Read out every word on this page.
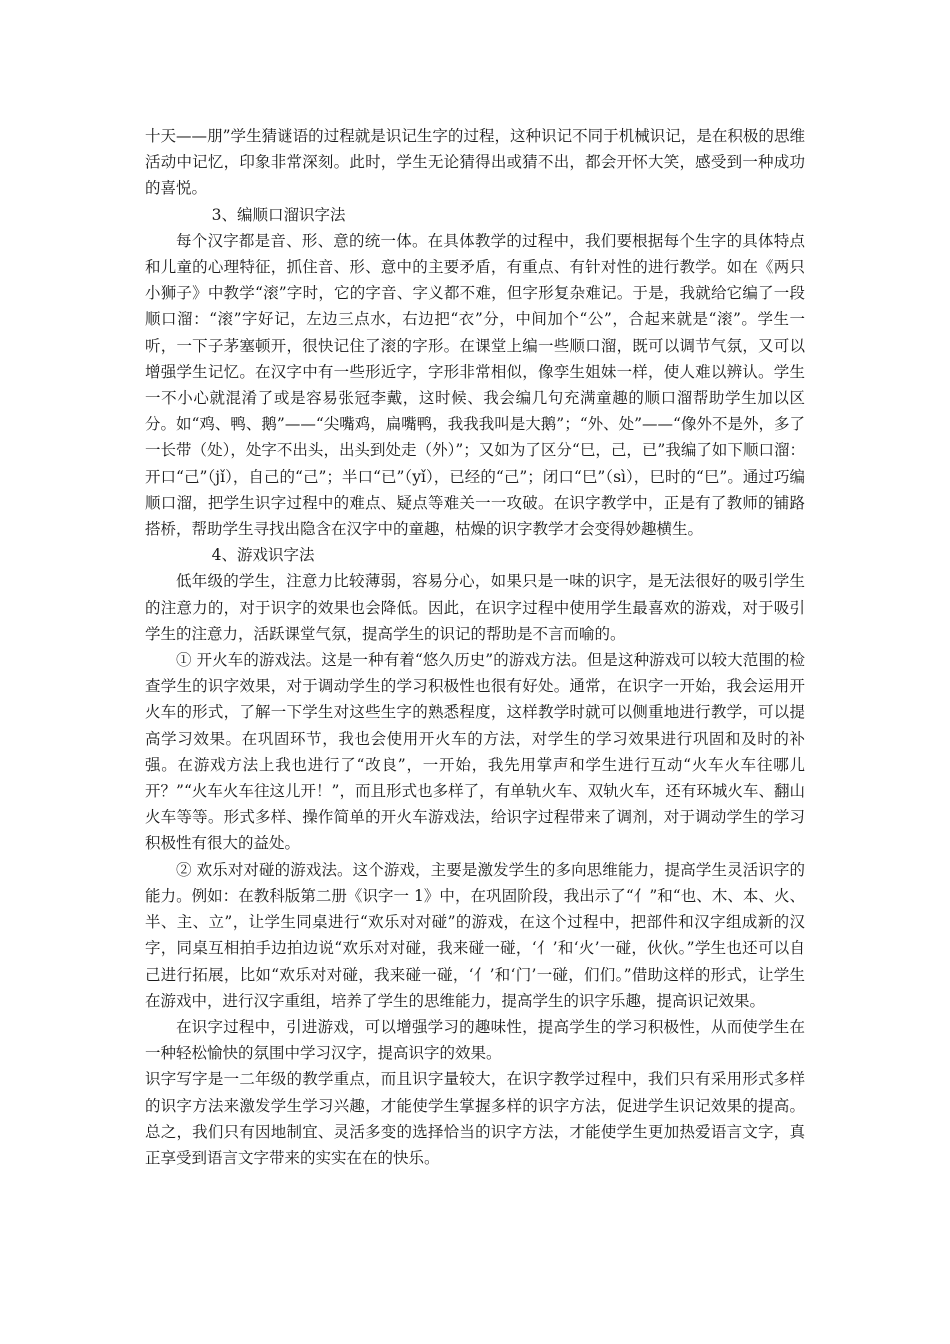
十天——朋”学生猜谜语的过程就是识记生字的过程，这种识记不同于机械识记，是在积极的思维活动中记忆，印象非常深刻。此时，学生无论猜得出或猜不出，都会开怀大笑，感受到一种成功的喜悦。

3、编顺口溜识字法

每个汉字都是音、形、意的统一体。在具体教学的过程中，我们要根据每个生字的具体特点和儿童的心理特征，抓住音、形、意中的主要矛盾，有重点、有针对性的进行教学。如在《两只小狮子》中教学“滚”字时，它的字音、字义都不难，但字形复杂难记。于是，我就给它编了一段顺口溜：“滚”字好记，左边三点水，右边把“衣”分，中间加个“公”，合起来就是“滚”。学生一听，一下子茅塞顿开，很快记住了滚的字形。在课堂上编一些顺口溜，既可以调节气氛，又可以增强学生记忆。在汉字中有一些形近字，字形非常相似，像孪生姐妹一样，使人难以辨认。学生一不小心就混淆了或是容易张冠李戴，这时候、我会编几句充满童趣的顺口溜帮助学生加以区分。如“鸡、鸭、鹅”——“尖嘴鸡，扁嘴鸭，我我我叫是大鹅”；“外、处”——“像外不是外，多了一长带（处），处字不出头，出头到处走（外）”；又如为了区分“巳，己，已”我编了如下顺口溜：开口“己”（jǐ），自己的“己”；半口“已”（yǐ），已经的“己”；闭口“巳”（sì），巳时的“巳”。通过巧编顺口溜，把学生识字过程中的难点、疑点等难关一一攻破。在识字教学中，正是有了教师的铺路搭桥，帮助学生寻找出隐含在汉字中的童趣，枯燥的识字教学才会变得妙趣横生。

4、游戏识字法

低年级的学生，注意力比较薄弱，容易分心，如果只是一味的识字，是无法很好的吸引学生的注意力的，对于识字的效果也会降低。因此，在识字过程中使用学生最喜欢的游戏，对于吸引学生的注意力，活跃课堂气氛，提高学生的识记的帮助是不言而喻的。

① 开火车的游戏法。这是一种有着“悠久历史”的游戏方法。但是这种游戏可以较大范围的检查学生的识字效果，对于调动学生的学习积极性也很有好处。通常，在识字一开始，我会运用开火车的形式，了解一下学生对这些生字的熟悉程度，这样教学时就可以侧重地进行教学，可以提高学习效果。在巩固环节，我也会使用开火车的方法，对学生的学习效果进行巩固和及时的补强。在游戏方法上我也进行了“改良”，一开始，我先用掌声和学生进行互动“火车火车往哪儿开？”“火车火车往这儿开！”，而且形式也多样了，有单轨火车、双轨火车，还有环城火车、翻山火车等等。形式多样、操作简单的开火车游戏法，给识字过程带来了调剂，对于调动学生的学习积极性有很大的益处。

② 欢乐对对碰的游戏法。这个游戏，主要是激发学生的多向思维能力，提高学生灵活识字的能力。例如：在教科版第二册《识字一 1》中，在巩固阶段，我出示了“亻”和“也、木、本、火、半、主、立”，让学生同桌进行“欢乐对对碰”的游戏，在这个过程中，把部件和汉字组成新的汉字，同桌互相拍手边拍边说“欢乐对对碰，我来碰一碰，‘亻’和‘火’一碰，伙伙。”学生也还可以自己进行拓展，比如“欢乐对对碰，我来碰一碰，‘亻’和‘门’一碰，们们。”借助这样的形式，让学生在游戏中，进行汉字重组，培养了学生的思维能力，提高学生的识字乐趣，提高识记效果。

在识字过程中，引进游戏，可以增强学习的趣味性，提高学生的学习积极性，从而使学生在一种轻松愉快的氛围中学习汉字，提高识字的效果。

识字写字是一二年级的教学重点，而且识字量较大，在识字教学过程中，我们只有采用形式多样的识字方法来激发学生学习兴趣，才能使学生掌握多样的识字方法，促进学生识记效果的提高。总之，我们只有因地制宜、灵活多变的选择恰当的识字方法，才能使学生更加热爱语言文字，真正享受到语言文字带来的实实在在的快乐。
